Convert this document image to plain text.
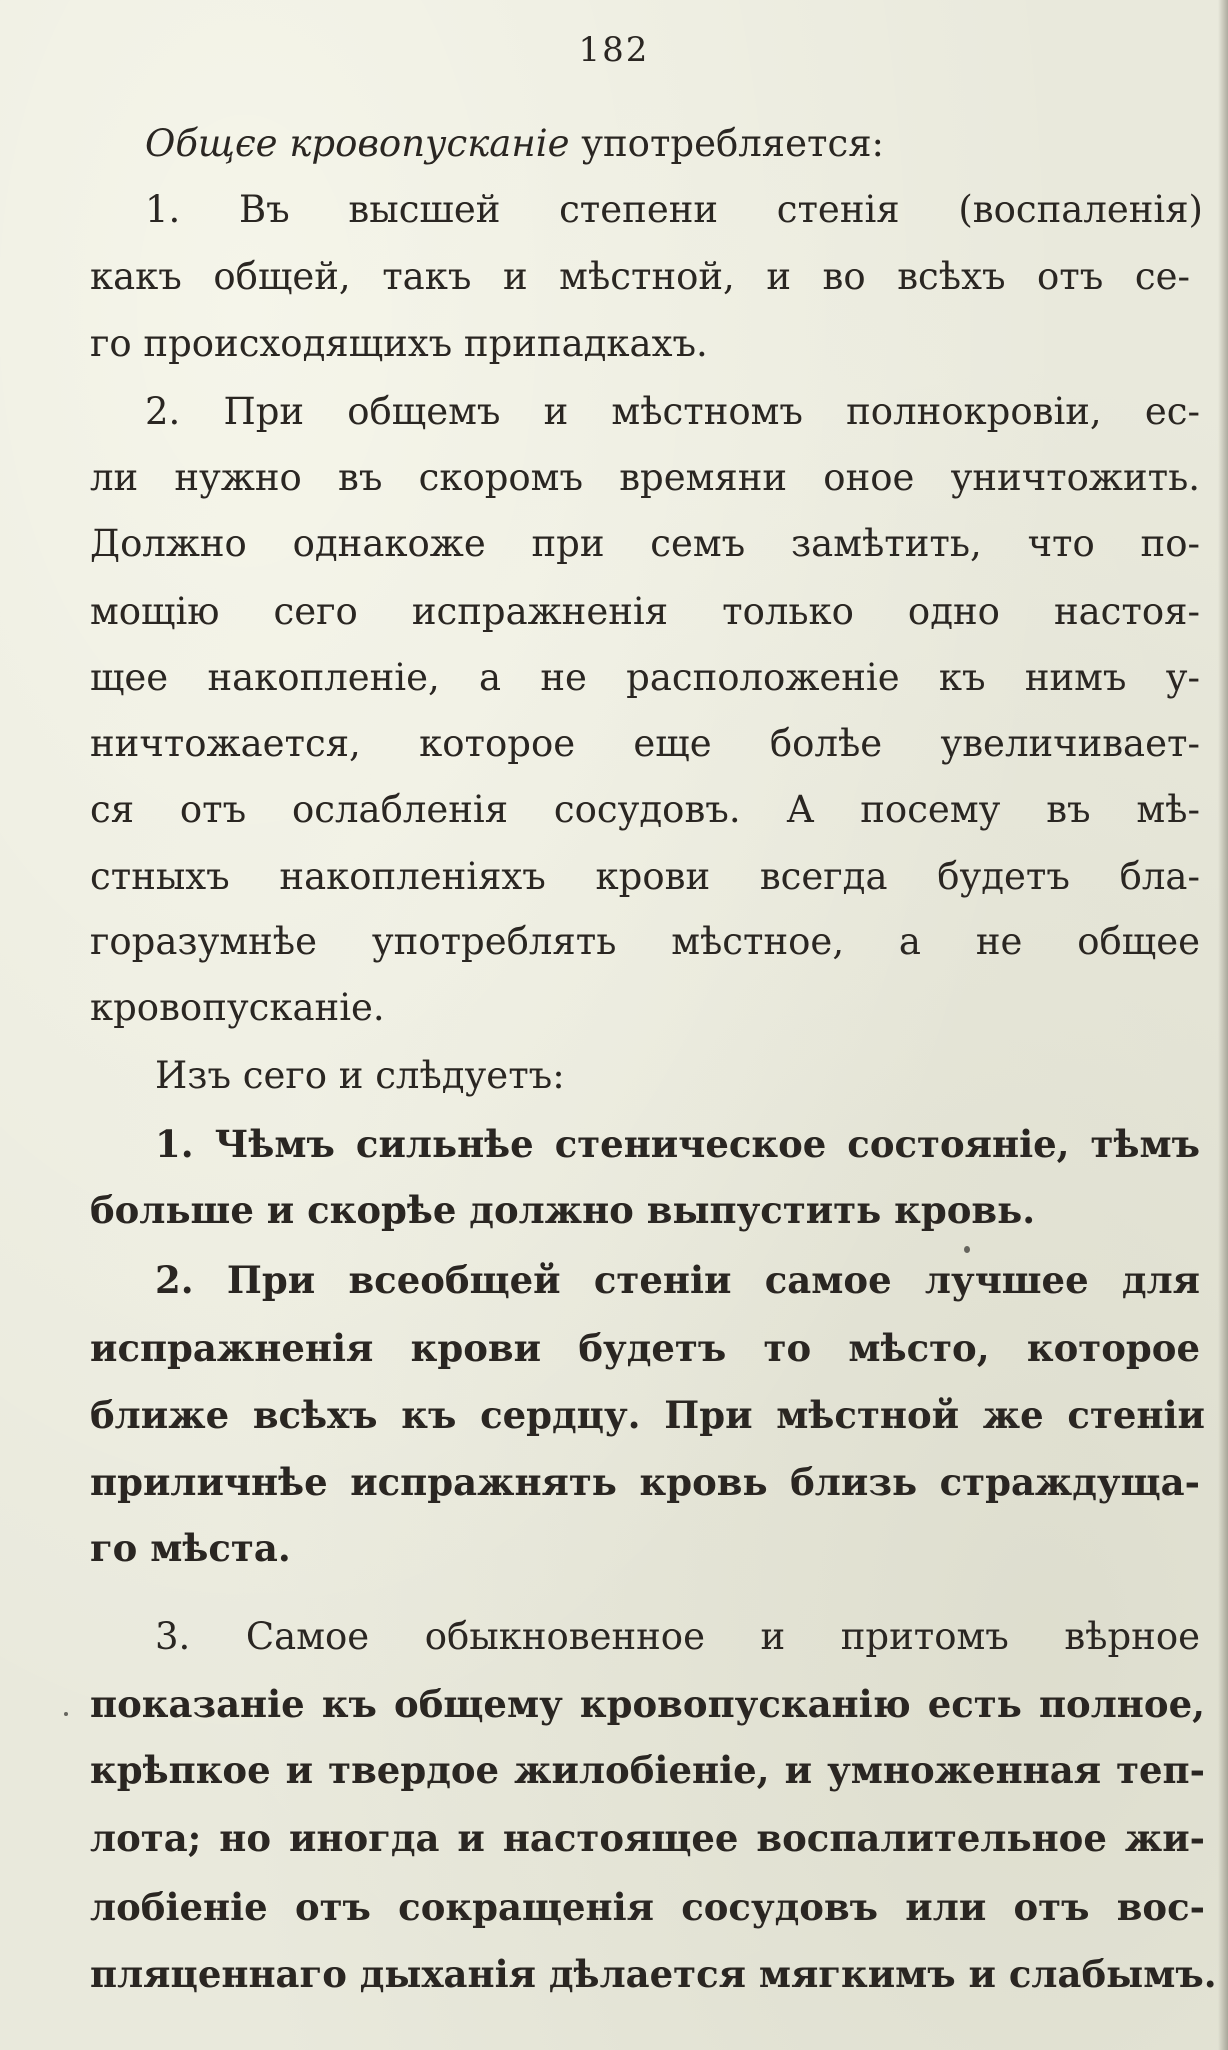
182
Общєе кровопусканіе употребляется:
1. Въ высшей степени стенія (воспаленія)
какъ общей, такъ и мѣстной, и во всѣхъ отъ се-
го происходящихъ припадкахъ.
2. При общемъ и мѣстномъ полнокровіи, ес-
ли нужно въ скоромъ времяни оное уничтожить.
Должно однакоже при семъ замѣтить, что по-
мощію сего испражненія только одно настоя-
щее накопленіе, а не расположеніе къ нимъ у-
ничтожается, которое еще болѣе увеличивает-
ся отъ ослабленія сосудовъ. А посему въ мѣ-
стныхъ накопленіяхъ крови всегда будетъ бла-
горазумнѣе употреблять мѣстное, а не общее
кровопусканіе.
Изъ сего и слѣдуетъ:
1. Чѣмъ сильнѣе стеническое состояніе, тѣмъ
больше и скорѣе должно выпустить кровь.
2. При всеобщей стеніи самое лучшее для
испражненія крови будетъ то мѣсто, которое
ближе всѣхъ къ сердцу. При мѣстной же стеніи
приличнѣе испражнять кровь близь страждуща-
го мѣста.
3. Самое обыкновенное и притомъ вѣрное
показаніе къ общему кровопусканію есть полное,
крѣпкое и твердое жилобіеніе, и умноженная теп-
лота; но иногда и настоящее воспалительное жи-
лобіеніе отъ сокращенія сосудовъ или отъ вос-
пляценнаго дыханія дѣлается мягкимъ и слабымъ.
